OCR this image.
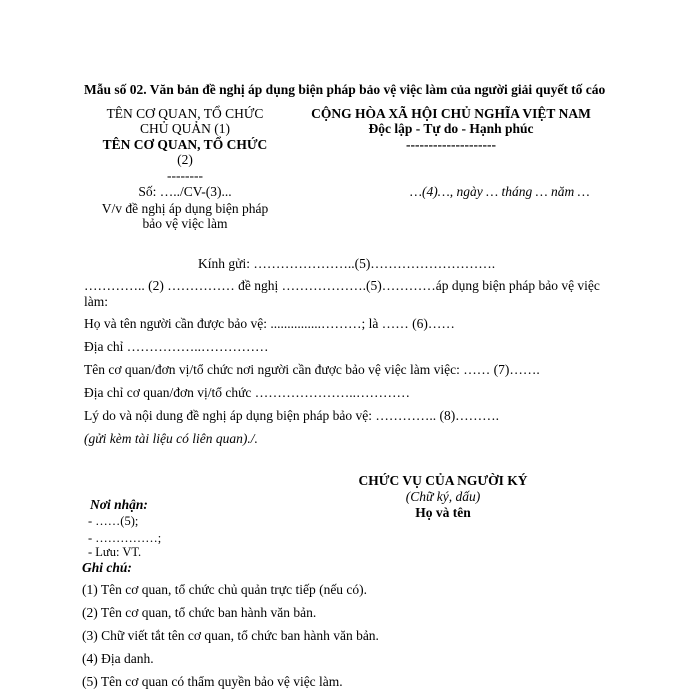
Mẫu số 02. Văn bản đề nghị áp dụng biện pháp bảo vệ việc làm của người giải quyết tố cáo
TÊN CƠ QUAN, TỔ CHỨC
CHỦ QUẢN (1)
TÊN CƠ QUAN, TỔ CHỨC
(2)
--------
Số: …../CV-(3)...
V/v đề nghị áp dụng biện pháp
bảo vệ việc làm
CỘNG HÒA XÃ HỘI CHỦ NGHĨA VIỆT NAM
Độc lập - Tự do - Hạnh phúc
--------------------
…(4)…, ngày … tháng … năm …
Kính gửi: …………………..(5)……………………….
………….. (2) …………… đề nghị ……………….(5)…………áp dụng biện pháp bảo vệ việc
làm:
Họ và tên người cần được bảo vệ: ...............………; là …… (6)……
Địa chỉ ……………..……………
Tên cơ quan/đơn vị/tổ chức nơi người cần được bảo vệ việc làm việc: …… (7)…….
Địa chỉ cơ quan/đơn vị/tổ chức …………………..…………
Lý do và nội dung đề nghị áp dụng biện pháp bảo vệ: ………….. (8)……….
(gửi kèm tài liệu có liên quan)./.
CHỨC VỤ CỦA NGƯỜI KÝ
(Chữ ký, dấu)
Họ và tên
Nơi nhận:
- ……(5);
- ……………;
- Lưu: VT.
Ghi chú:
(1) Tên cơ quan, tổ chức chủ quản trực tiếp (nếu có).
(2) Tên cơ quan, tổ chức ban hành văn bản.
(3) Chữ viết tắt tên cơ quan, tổ chức ban hành văn bản.
(4) Địa danh.
(5) Tên cơ quan có thẩm quyền bảo vệ việc làm.
